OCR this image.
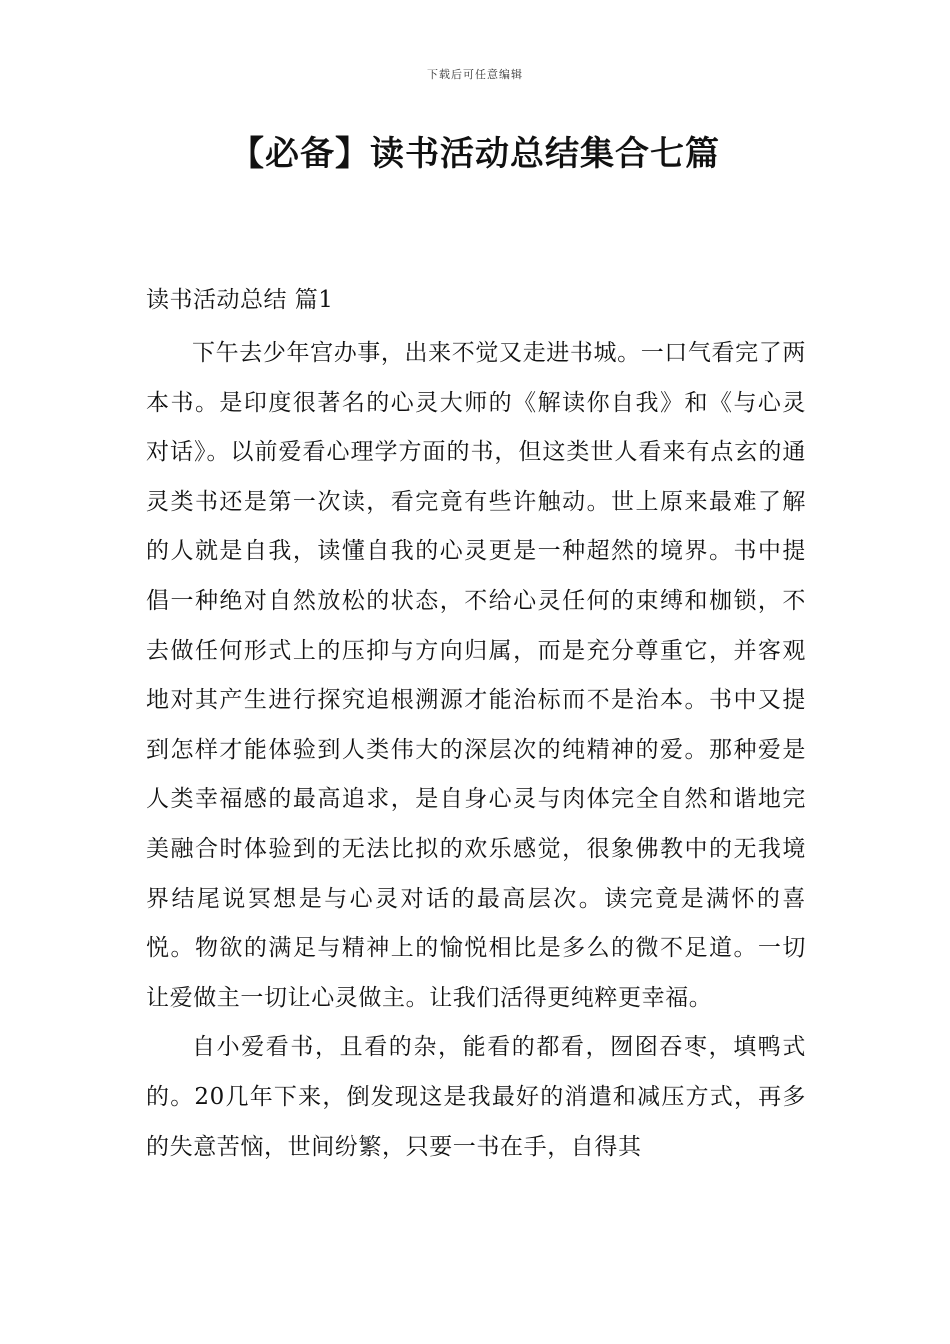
下载后可任意编辑
【必备】读书活动总结集合七篇

读书活动总结 篇1

下午去少年宫办事，出来不觉又走进书城。一口气看完了两本书。是印度很著名的心灵大师的《解读你自我》和《与心灵对话》。以前爱看心理学方面的书，但这类世人看来有点玄的通灵类书还是第一次读，看完竟有些许触动。世上原来最难了解的人就是自我，读懂自我的心灵更是一种超然的境界。书中提倡一种绝对自然放松的状态，不给心灵任何的束缚和枷锁，不去做任何形式上的压抑与方向归属，而是充分尊重它，并客观地对其产生进行探究追根溯源才能治标而不是治本。书中又提到怎样才能体验到人类伟大的深层次的纯精神的爱。那种爱是人类幸福感的最高追求，是自身心灵与肉体完全自然和谐地完美融合时体验到的无法比拟的欢乐感觉，很象佛教中的无我境界结尾说冥想是与心灵对话的最高层次。读完竟是满怀的喜悦。物欲的满足与精神上的愉悦相比是多么的微不足道。一切让爱做主一切让心灵做主。让我们活得更纯粹更幸福。

自小爱看书，且看的杂，能看的都看，囫囵吞枣，填鸭式的。20几年下来，倒发现这是我最好的消遣和减压方式，再多的失意苦恼，世间纷繁，只要一书在手，自得其
